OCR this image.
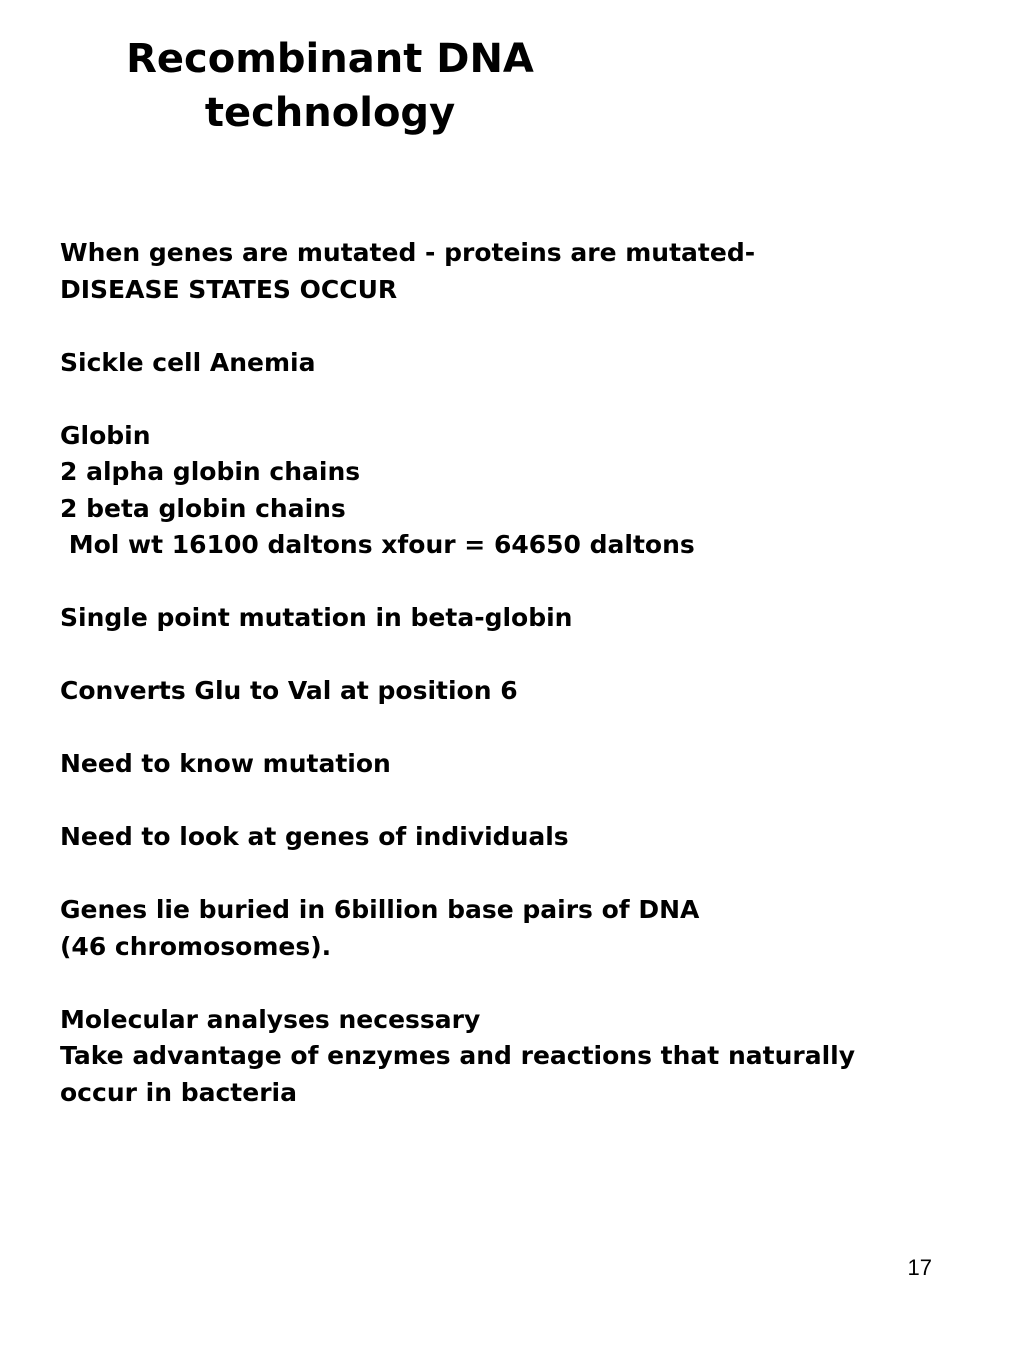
Recombinant DNA
technology
When genes are mutated - proteins are mutated-
DISEASE STATES OCCUR
Sickle cell Anemia
Globin
2 alpha globin chains
2 beta globin chains
Mol wt 16100 daltons xfour = 64650 daltons
Single point mutation in beta-globin
Converts Glu to Val at position 6
Need to know mutation
Need to look at genes of individuals
Genes lie buried in 6billion base pairs of DNA
(46 chromosomes).
Molecular analyses necessary
Take advantage of enzymes and reactions that naturally
occur in bacteria
17
